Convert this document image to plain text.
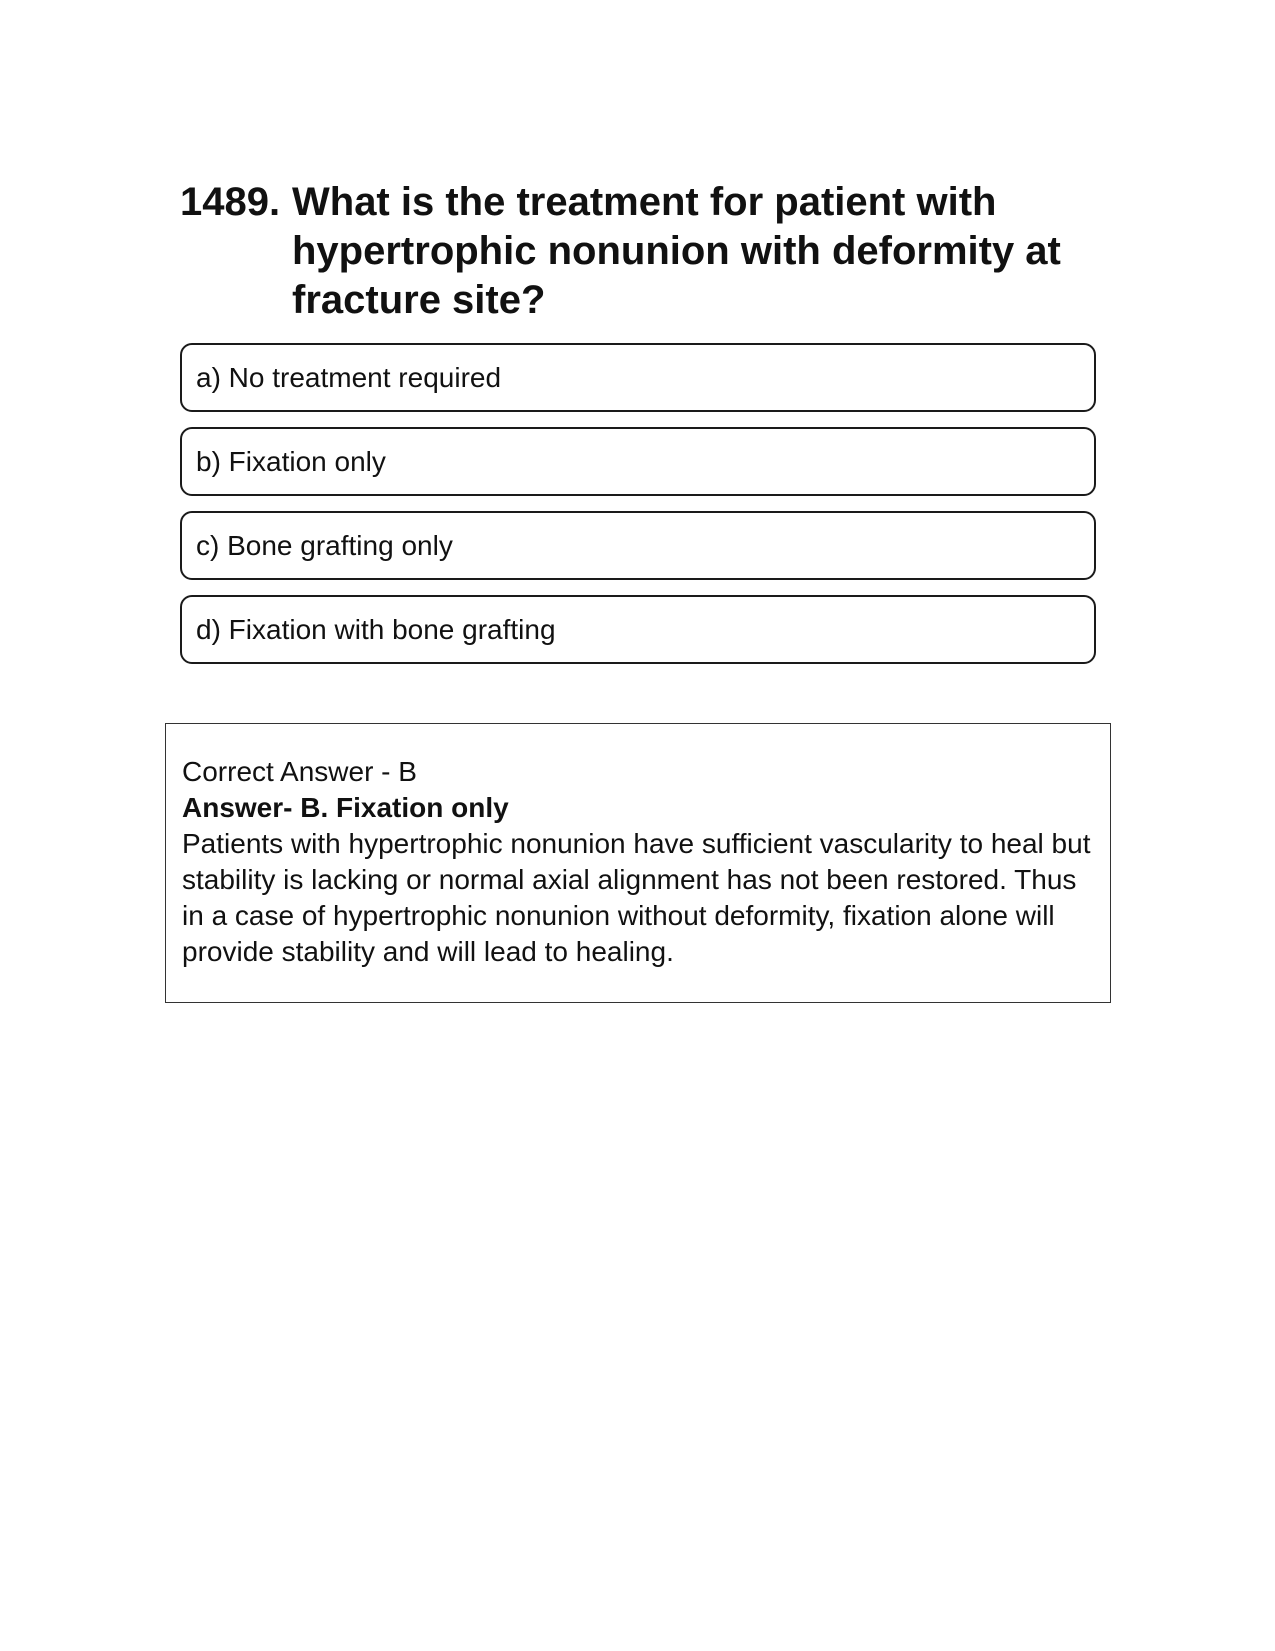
1489. What is the treatment for patient with hypertrophic nonunion with deformity at fracture site?
a) No treatment required
b) Fixation only
c) Bone grafting only
d) Fixation with bone grafting
Correct Answer - B
Answer- B. Fixation only
Patients with hypertrophic nonunion have sufficient vascularity to heal but stability is lacking or normal axial alignment has not been restored. Thus in a case of hypertrophic nonunion without deformity, fixation alone will provide stability and will lead to healing.
